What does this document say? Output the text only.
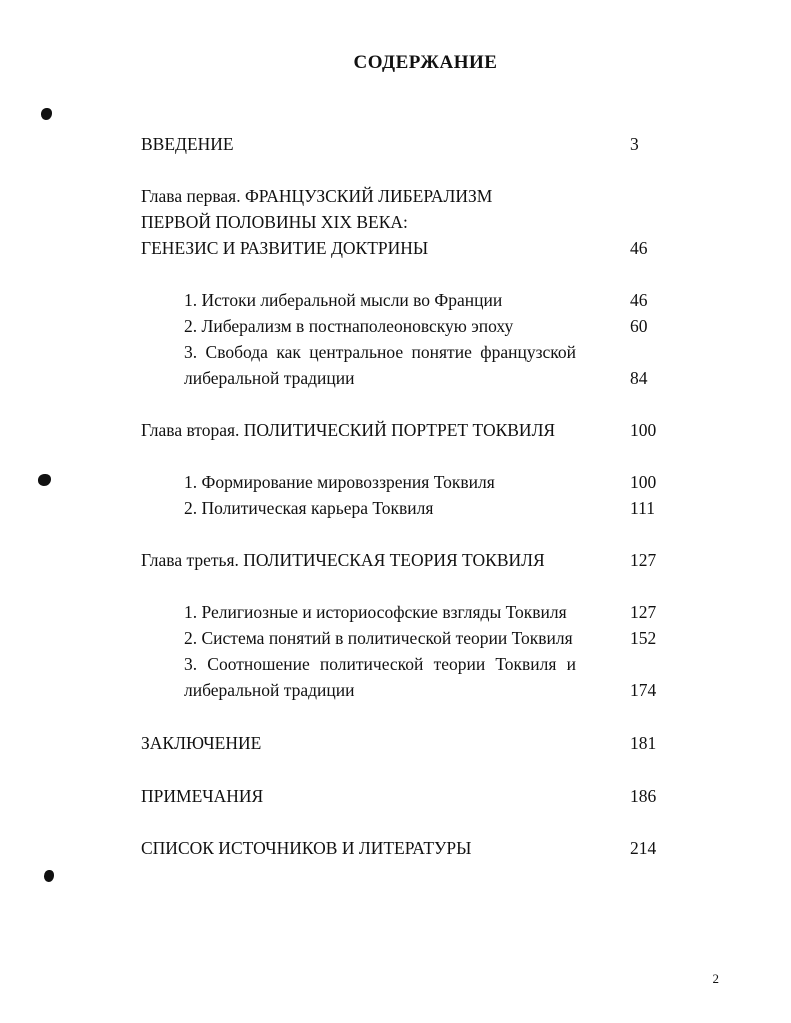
СОДЕРЖАНИЕ
ВВЕДЕНИЕ	3
Глава первая. ФРАНЦУЗСКИЙ ЛИБЕРАЛИЗМ
ПЕРВОЙ ПОЛОВИНЫ XIX ВЕКА:
ГЕНЕЗИС И РАЗВИТИЕ ДОКТРИНЫ	46
1. Истоки либеральной мысли во Франции	46
2. Либерализм в постнаполеоновскую эпоху	60
3. Свобода как центральное понятие французской
либеральной традиции	84
Глава вторая. ПОЛИТИЧЕСКИЙ ПОРТРЕТ ТОКВИЛЯ	100
1. Формирование мировоззрения Токвиля	100
2. Политическая карьера Токвиля	111
Глава третья. ПОЛИТИЧЕСКАЯ ТЕОРИЯ ТОКВИЛЯ	127
1. Религиозные и историософские взгляды Токвиля	127
2. Система понятий в политической теории Токвиля	152
3. Соотношение политической теории Токвиля и
либеральной традиции	174
ЗАКЛЮЧЕНИЕ	181
ПРИМЕЧАНИЯ	186
СПИСОК ИСТОЧНИКОВ И ЛИТЕРАТУРЫ	214
2
